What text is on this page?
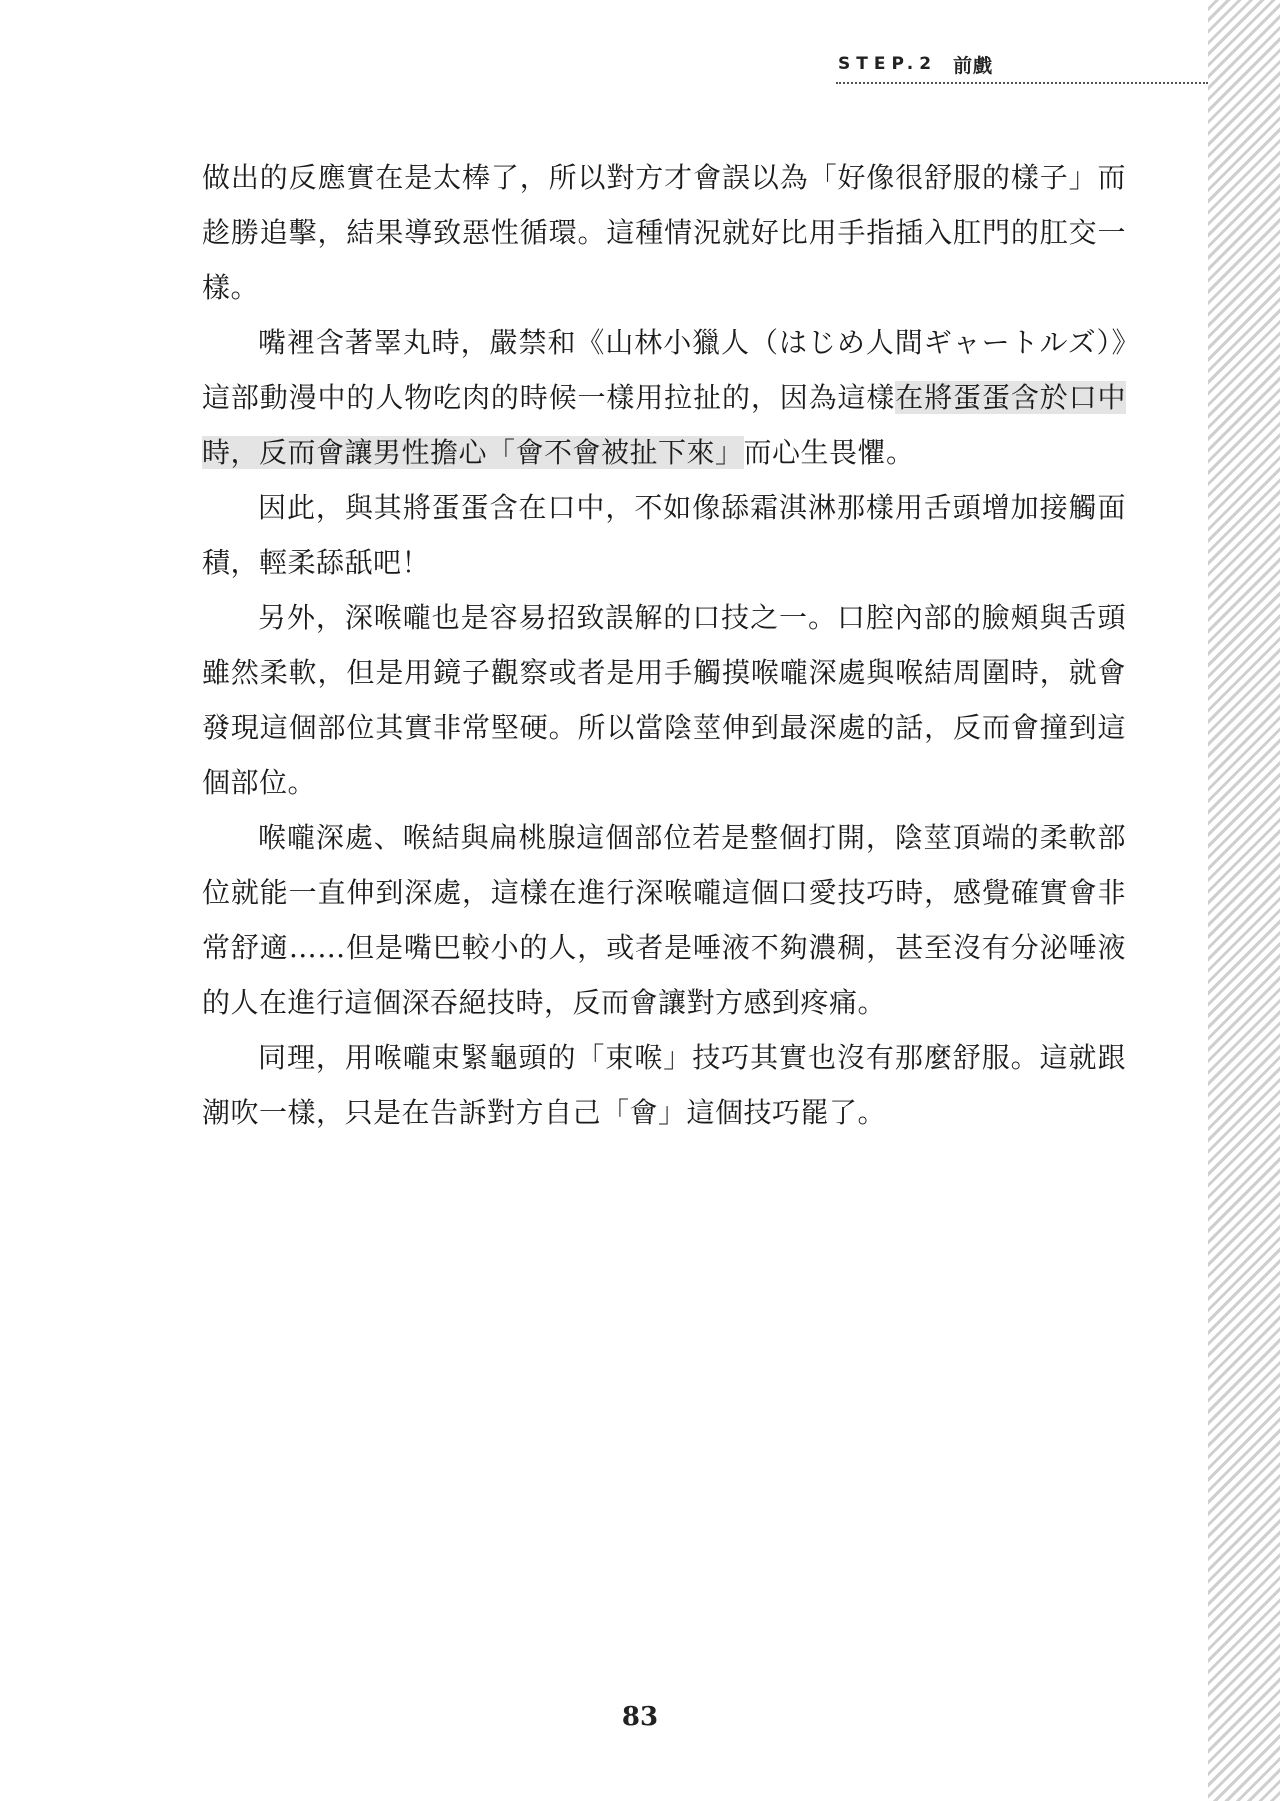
STEP.2 前戲

做出的反應實在是太棒了，所以對方才會誤以為「好像很舒服的樣子」而趁勝追擊，結果導致惡性循環。這種情況就好比用手指插入肛門的肛交一樣。

嘴裡含著睪丸時，嚴禁和《山林小獵人（はじめ人間ギャートルズ）》這部動漫中的人物吃肉的時候一樣用拉扯的，因為這樣在將蛋蛋含於口中時，反而會讓男性擔心「會不會被扯下來」而心生畏懼。

因此，與其將蛋蛋含在口中，不如像舔霜淇淋那樣用舌頭增加接觸面積，輕柔舔舐吧！

另外，深喉嚨也是容易招致誤解的口技之一。口腔內部的臉頰與舌頭雖然柔軟，但是用鏡子觀察或者是用手觸摸喉嚨深處與喉結周圍時，就會發現這個部位其實非常堅硬。所以當陰莖伸到最深處的話，反而會撞到這個部位。

喉嚨深處、喉結與扁桃腺這個部位若是整個打開，陰莖頂端的柔軟部位就能一直伸到深處，這樣在進行深喉嚨這個口愛技巧時，感覺確實會非常舒適……但是嘴巴較小的人，或者是唾液不夠濃稠，甚至沒有分泌唾液的人在進行這個深吞絕技時，反而會讓對方感到疼痛。

同理，用喉嚨束緊龜頭的「束喉」技巧其實也沒有那麼舒服。這就跟潮吹一樣，只是在告訴對方自己「會」這個技巧罷了。

83
